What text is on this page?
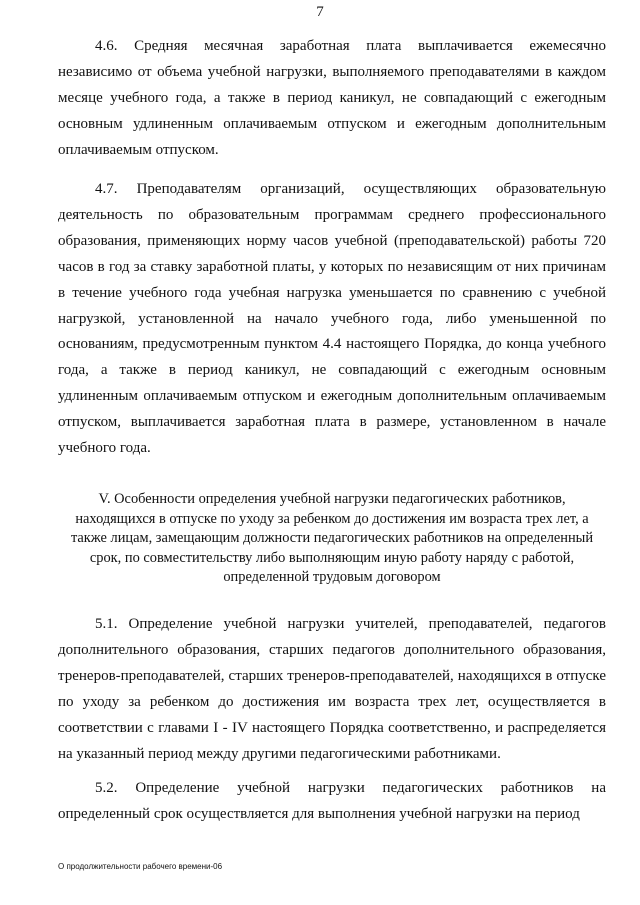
7

4.6. Средняя месячная заработная плата выплачивается ежемесячно независимо от объема учебной нагрузки, выполняемого преподавателями в каждом месяце учебного года, а также в период каникул, не совпадающий с ежегодным основным удлиненным оплачиваемым отпуском и ежегодным дополнительным оплачиваемым отпуском.

4.7. Преподавателям организаций, осуществляющих образовательную деятельность по образовательным программам среднего профессионального образования, применяющих норму часов учебной (преподавательской) работы 720 часов в год за ставку заработной платы, у которых по независящим от них причинам в течение учебного года учебная нагрузка уменьшается по сравнению с учебной нагрузкой, установленной на начало учебного года, либо уменьшенной по основаниям, предусмотренным пунктом 4.4 настоящего Порядка, до конца учебного года, а также в период каникул, не совпадающий с ежегодным основным удлиненным оплачиваемым отпуском и ежегодным дополнительным оплачиваемым отпуском, выплачивается заработная плата в размере, установленном в начале учебного года.

V. Особенности определения учебной нагрузки педагогических работников, находящихся в отпуске по уходу за ребенком до достижения им возраста трех лет, а также лицам, замещающим должности педагогических работников на определенный срок, по совместительству либо выполняющим иную работу наряду с работой, определенной трудовым договором

5.1. Определение учебной нагрузки учителей, преподавателей, педагогов дополнительного образования, старших педагогов дополнительного образования, тренеров-преподавателей, старших тренеров-преподавателей, находящихся в отпуске по уходу за ребенком до достижения им возраста трех лет, осуществляется в соответствии с главами I - IV настоящего Порядка соответственно, и распределяется на указанный период между другими педагогическими работниками.

5.2. Определение учебной нагрузки педагогических работников на определенный срок осуществляется для выполнения учебной нагрузки на период

О продолжительности рабочего времени-06
